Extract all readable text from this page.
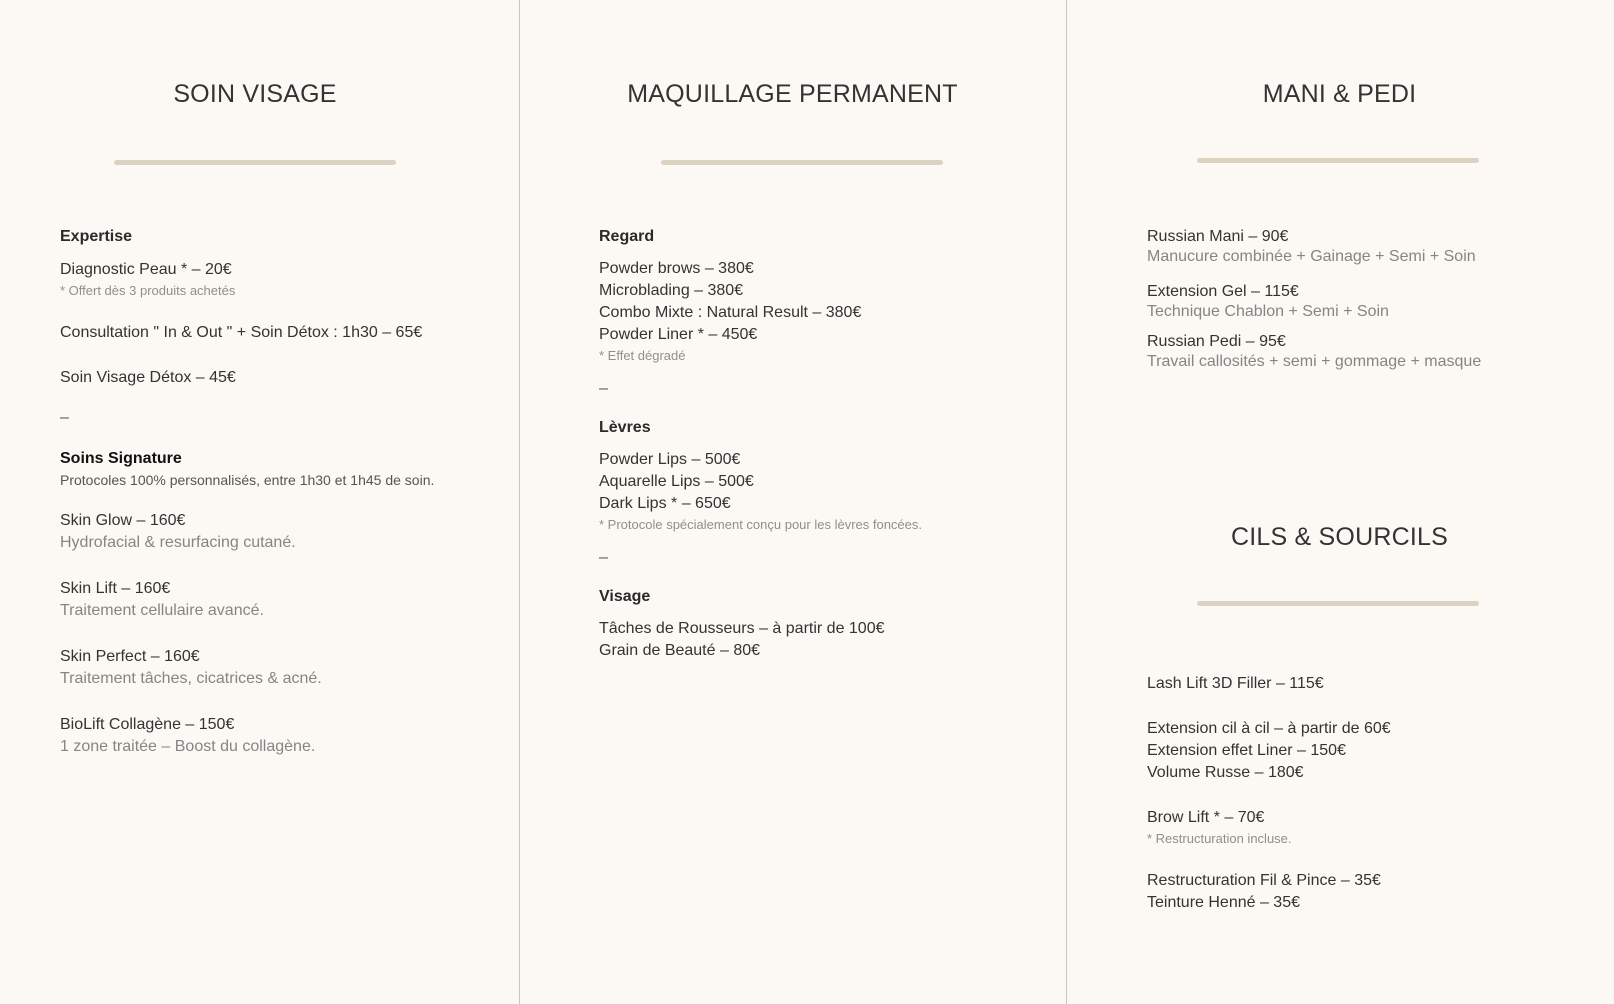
SOIN VISAGE
Expertise
Diagnostic Peau * – 20€
* Offert dès 3 produits achetés
Consultation " In & Out " + Soin Détox : 1h30 – 65€
Soin Visage Détox – 45€
–
Soins Signature
Protocoles 100% personnalisés, entre 1h30 et 1h45 de soin.
Skin Glow – 160€
Hydrofacial & resurfacing cutané.
Skin Lift – 160€
Traitement cellulaire avancé.
Skin Perfect – 160€
Traitement tâches, cicatrices & acné.
BioLift Collagène – 150€
1 zone traitée – Boost du collagène.
MAQUILLAGE PERMANENT
Regard
Powder brows – 380€
Microblading – 380€
Combo Mixte : Natural Result – 380€
Powder Liner * – 450€
* Effet dégradé
–
Lèvres
Powder Lips – 500€
Aquarelle Lips – 500€
Dark Lips * – 650€
* Protocole spécialement conçu pour les lèvres foncées.
–
Visage
Tâches de Rousseurs – à partir de 100€
Grain de Beauté – 80€
MANI & PEDI
Russian Mani – 90€
Manucure combinée + Gainage + Semi + Soin
Extension Gel – 115€
Technique Chablon + Semi + Soin
Russian Pedi – 95€
Travail callosités + semi + gommage + masque
CILS & SOURCILS
Lash Lift 3D Filler – 115€
Extension cil à cil – à partir de 60€
Extension effet Liner – 150€
Volume Russe – 180€
Brow Lift * – 70€
* Restructuration incluse.
Restructuration Fil & Pince – 35€
Teinture Henné – 35€
